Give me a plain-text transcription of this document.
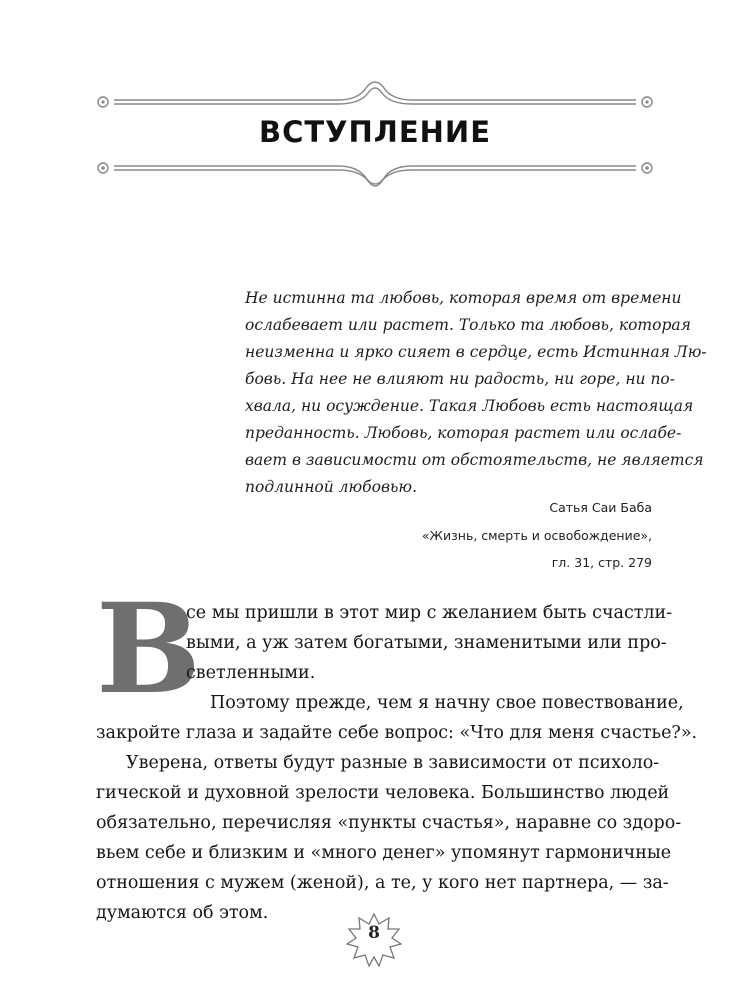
ВСТУПЛЕНИЕ
Не истинна та любовь, которая время от времени
ослабевает или растет. Только та любовь, которая
неизменна и ярко сияет в сердце, есть Истинная Лю-
бовь. На нее не влияют ни радость, ни горе, ни по-
хвала, ни осуждение. Такая Любовь есть настоящая
преданность. Любовь, которая растет или ослабе-
вает в зависимости от обстоятельств, не является
подлинной любовью.
Сатья Саи Баба
«Жизнь, смерть и освобождение»,
гл. 31, стр. 279
В
се мы пришли в этот мир с желанием быть счастли-
выми, а уж затем богатыми, знаменитыми или про-
светленными.
Поэтому прежде, чем я начну свое повествование,
закройте глаза и задайте себе вопрос: «Что для меня счастье?».
Уверена, ответы будут разные в зависимости от психоло-
гической и духовной зрелости человека. Большинство людей
обязательно, перечисляя «пункты счастья», наравне со здоро-
вьем себе и близким и «много денег» упомянут гармоничные
отношения с мужем (женой), а те, у кого нет партнера, — за-
думаются об этом.
8
